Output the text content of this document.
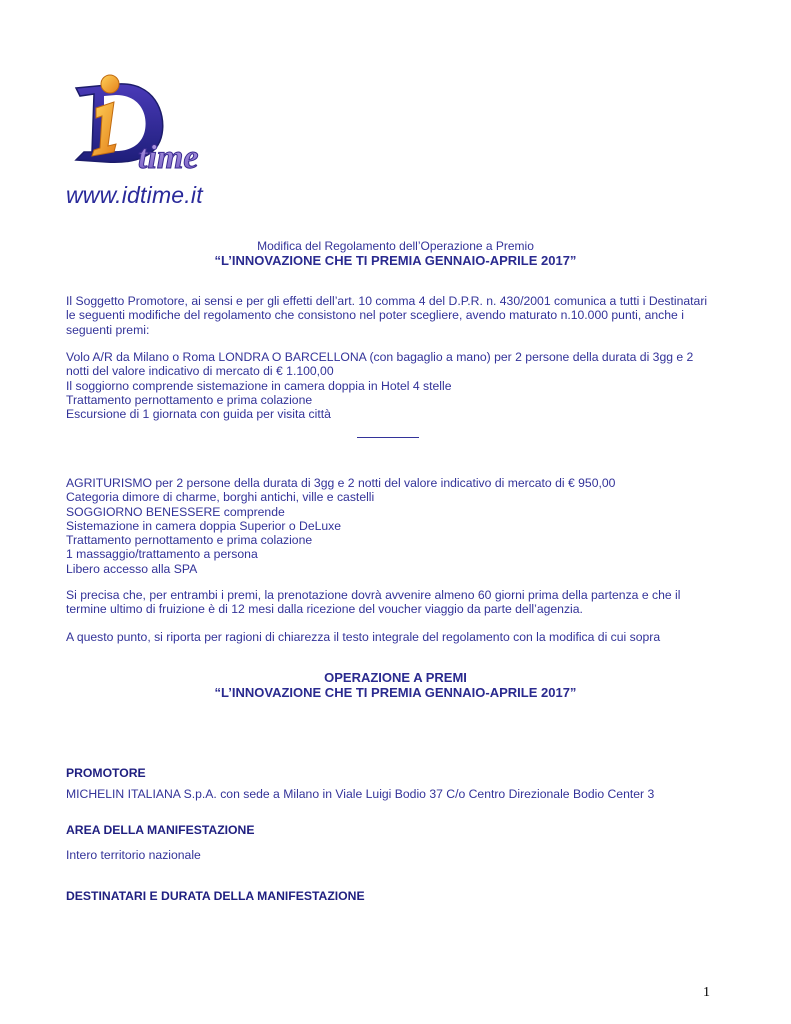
time
www.idtime.it
Modifica del Regolamento dell’Operazione a Premio
“L’INNOVAZIONE CHE TI PREMIA GENNAIO-APRILE 2017”
Il Soggetto Promotore, ai sensi e per gli effetti dell’art. 10 comma 4 del D.P.R. n. 430/2001 comunica a tutti i Destinatari
le seguenti modifiche del regolamento che consistono nel poter scegliere, avendo maturato n.10.000 punti, anche i
seguenti premi:
Volo A/R da Milano o Roma LONDRA O BARCELLONA (con bagaglio a mano) per 2 persone della durata di 3gg e 2
notti del valore indicativo di mercato di € 1.100,00
Il soggiorno comprende sistemazione in camera doppia in Hotel 4 stelle
Trattamento pernottamento e prima colazione
Escursione di 1 giornata con guida per visita città
AGRITURISMO per 2 persone della durata di 3gg e 2 notti del valore indicativo di mercato di € 950,00
Categoria dimore di charme, borghi antichi, ville e castelli
SOGGIORNO BENESSERE comprende
Sistemazione in camera doppia Superior o DeLuxe
Trattamento pernottamento e prima colazione
1 massaggio/trattamento a persona
Libero accesso alla SPA
Si precisa che, per entrambi i premi, la prenotazione dovrà avvenire almeno 60 giorni prima della partenza e che il
termine ultimo di fruizione è di 12 mesi dalla ricezione del voucher viaggio da parte dell’agenzia.
A questo punto, si riporta per ragioni di chiarezza il testo integrale del regolamento con la modifica di cui sopra
OPERAZIONE A PREMI
“L’INNOVAZIONE CHE TI PREMIA GENNAIO-APRILE 2017”
PROMOTORE
MICHELIN ITALIANA S.p.A. con sede a Milano in Viale Luigi Bodio 37 C/o Centro Direzionale Bodio Center 3
AREA DELLA MANIFESTAZIONE
Intero territorio nazionale
DESTINATARI E DURATA DELLA MANIFESTAZIONE
1
